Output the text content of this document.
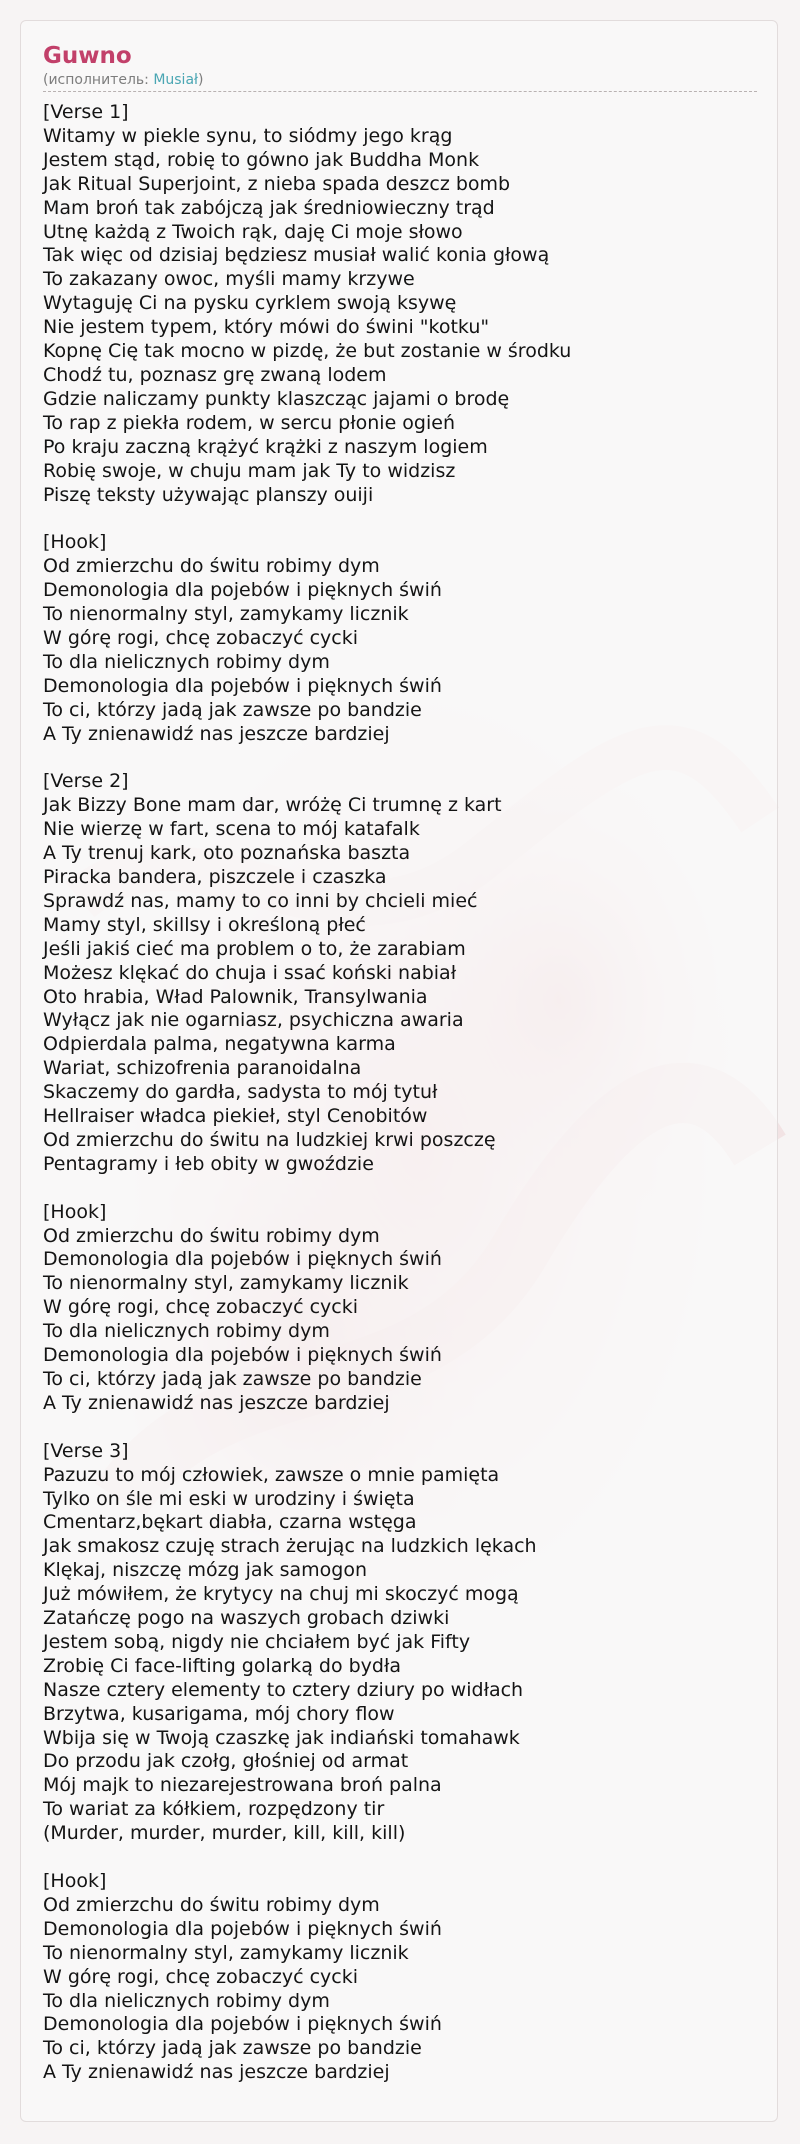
Guwno
(исполнитель: Musiał)
[Verse 1]
Witamy w piekle synu, to siódmy jego krąg
Jestem stąd, robię to gówno jak Buddha Monk
Jak Ritual Superjoint, z nieba spada deszcz bomb
Mam broń tak zabójczą jak średniowieczny trąd
Utnę każdą z Twoich rąk, daję Ci moje słowo
Tak więc od dzisiaj będziesz musiał walić konia głową
To zakazany owoc, myśli mamy krzywe
Wytaguję Ci na pysku cyrklem swoją ksywę
Nie jestem typem, który mówi do świni "kotku"
Kopnę Cię tak mocno w pizdę, że but zostanie w środku
Chodź tu, poznasz grę zwaną lodem
Gdzie naliczamy punkty klaszcząc jajami o brodę
To rap z piekła rodem, w sercu płonie ogień
Po kraju zaczną krążyć krążki z naszym logiem
Robię swoje, w chuju mam jak Ty to widzisz
Piszę teksty używając planszy ouiji
[Hook]
Od zmierzchu do świtu robimy dym
Demonologia dla pojebów i pięknych świń
To nienormalny styl, zamykamy licznik
W górę rogi, chcę zobaczyć cycki
To dla nielicznych robimy dym
Demonologia dla pojebów i pięknych świń
To ci, którzy jadą jak zawsze po bandzie
A Ty znienawidź nas jeszcze bardziej
[Verse 2]
Jak Bizzy Bone mam dar, wróżę Ci trumnę z kart
Nie wierzę w fart, scena to mój katafalk
A Ty trenuj kark, oto poznańska baszta
Piracka bandera, piszczele i czaszka
Sprawdź nas, mamy to co inni by chcieli mieć
Mamy styl, skillsy i określoną płeć
Jeśli jakiś cieć ma problem o to, że zarabiam
Możesz klękać do chuja i ssać koński nabiał
Oto hrabia, Wład Palownik, Transylwania
Wyłącz jak nie ogarniasz, psychiczna awaria
Odpierdala palma, negatywna karma
Wariat, schizofrenia paranoidalna
Skaczemy do gardła, sadysta to mój tytuł
Hellraiser władca piekieł, styl Cenobitów
Od zmierzchu do świtu na ludzkiej krwi poszczę
Pentagramy i łeb obity w gwoździe
[Hook]
Od zmierzchu do świtu robimy dym
Demonologia dla pojebów i pięknych świń
To nienormalny styl, zamykamy licznik
W górę rogi, chcę zobaczyć cycki
To dla nielicznych robimy dym
Demonologia dla pojebów i pięknych świń
To ci, którzy jadą jak zawsze po bandzie
A Ty znienawidź nas jeszcze bardziej
[Verse 3]
Pazuzu to mój człowiek, zawsze o mnie pamięta
Tylko on śle mi eski w urodziny i święta
Cmentarz,bękart diabła, czarna wstęga
Jak smakosz czuję strach żerując na ludzkich lękach
Klękaj, niszczę mózg jak samogon
Już mówiłem, że krytycy na chuj mi skoczyć mogą
Zatańczę pogo na waszych grobach dziwki
Jestem sobą, nigdy nie chciałem być jak Fifty
Zrobię Ci face-lifting golarką do bydła
Nasze cztery elementy to cztery dziury po widłach
Brzytwa, kusarigama, mój chory flow
Wbija się w Twoją czaszkę jak indiański tomahawk
Do przodu jak czołg, głośniej od armat
Mój majk to niezarejestrowana broń palna
To wariat za kółkiem, rozpędzony tir
(Murder, murder, murder, kill, kill, kill)
[Hook]
Od zmierzchu do świtu robimy dym
Demonologia dla pojebów i pięknych świń
To nienormalny styl, zamykamy licznik
W górę rogi, chcę zobaczyć cycki
To dla nielicznych robimy dym
Demonologia dla pojebów i pięknych świń
To ci, którzy jadą jak zawsze po bandzie
A Ty znienawidź nas jeszcze bardziej
